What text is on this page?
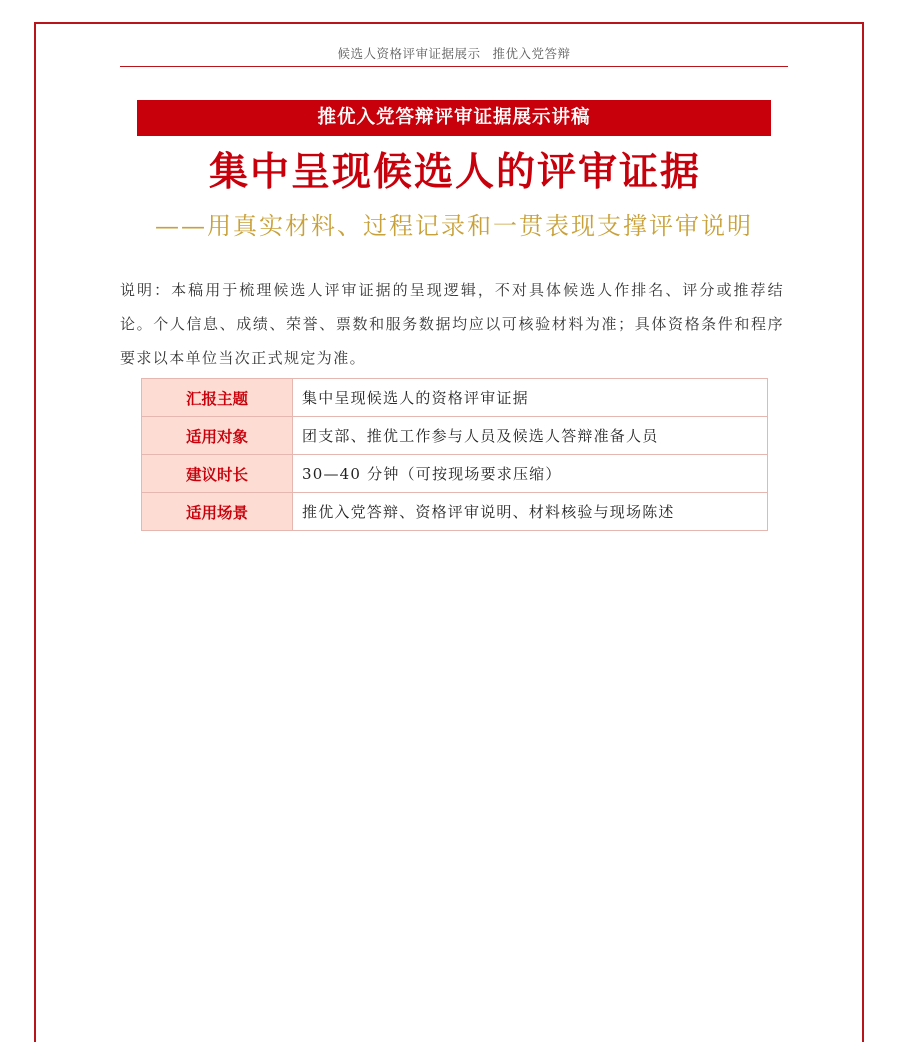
候选人资格评审证据展示 推优入党答辩
推优入党答辩评审证据展示讲稿
集中呈现候选人的评审证据
——用真实材料、过程记录和一贯表现支撑评审说明
说明：本稿用于梳理候选人评审证据的呈现逻辑，不对具体候选人作排名、评分或推荐结论。个人信息、成绩、荣誉、票数和服务数据均应以可核验材料为准；具体资格条件和程序要求以本单位当次正式规定为准。
汇报主题	集中呈现候选人的资格评审证据
适用对象	团支部、推优工作参与人员及候选人答辩准备人员
建议时长	30—40 分钟（可按现场要求压缩）
适用场景	推优入党答辩、资格评审说明、材料核验与现场陈述
